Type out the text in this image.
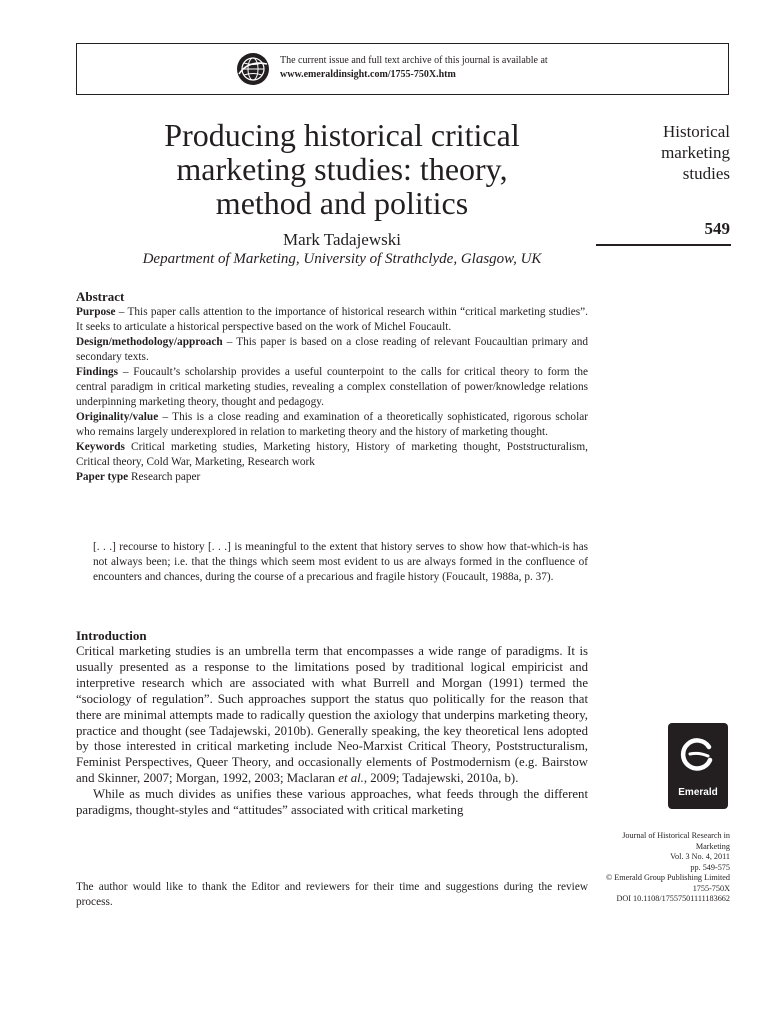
The current issue and full text archive of this journal is available at
www.emeraldinsight.com/1755-750X.htm
Producing historical critical
marketing studies: theory,
method and politics
Mark Tadajewski
Department of Marketing, University of Strathclyde, Glasgow, UK
Historical
marketing
studies
549
Abstract

Purpose – This paper calls attention to the importance of historical research within “critical marketing studies”. It seeks to articulate a historical perspective based on the work of Michel Foucault.

Design/methodology/approach – This paper is based on a close reading of relevant Foucaultian primary and secondary texts.

Findings – Foucault’s scholarship provides a useful counterpoint to the calls for critical theory to form the central paradigm in critical marketing studies, revealing a complex constellation of power/knowledge relations underpinning marketing theory, thought and pedagogy.

Originality/value – This is a close reading and examination of a theoretically sophisticated, rigorous scholar who remains largely underexplored in relation to marketing theory and the history of marketing thought.

Keywords Critical marketing studies, Marketing history, History of marketing thought, Poststructuralism, Critical theory, Cold War, Marketing, Research work

Paper type Research paper

[. . .] recourse to history [. . .] is meaningful to the extent that history serves to show how that-which-is has not always been; i.e. that the things which seem most evident to us are always formed in the confluence of encounters and chances, during the course of a precarious and fragile history (Foucault, 1988a, p. 37).

Introduction

Critical marketing studies is an umbrella term that encompasses a wide range of paradigms. It is usually presented as a response to the limitations posed by traditional logical empiricist and interpretive research which are associated with what Burrell and Morgan (1991) termed the “sociology of regulation”. Such approaches support the status quo politically for the reason that there are minimal attempts made to radically question the axiology that underpins marketing theory, practice and thought (see Tadajewski, 2010b). Generally speaking, the key theoretical lens adopted by those interested in critical marketing include Neo-Marxist Critical Theory, Poststructuralism, Feminist Perspectives, Queer Theory, and occasionally elements of Postmodernism (e.g. Bairstow and Skinner, 2007; Morgan, 1992, 2003; Maclaran et al., 2009; Tadajewski, 2010a, b).

While as much divides as unifies these various approaches, what feeds through the different paradigms, thought-styles and “attitudes” associated with critical marketing

The author would like to thank the Editor and reviewers for their time and suggestions during the review process.
Emerald
Journal of Historical Research in Marketing
Vol. 3 No. 4, 2011
pp. 549-575
© Emerald Group Publishing Limited
1755-750X
DOI 10.1108/17557501111183662
